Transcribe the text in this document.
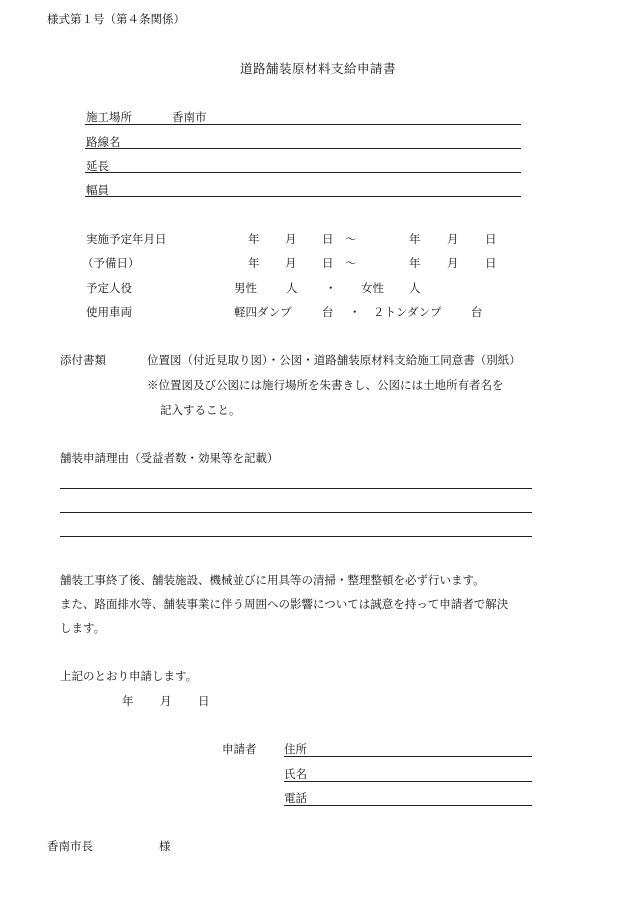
様式第１号（第４条関係）
道路舗装原材料支給申請書
施工場所	香南市
路線名
延長
幅員
実施予定年月日	年 月 日 ～	年 月 日
（予備日）	年 月 日 ～	年 月 日
予定人役	男性	人 ・ 女性 人
使用車両	軽四ダンプ	台 ・ ２トンダンプ	台
添付書類	位置図（付近見取り図）・公図・道路舗装原材料支給施工同意書（別紙）
※位置図及び公図には施行場所を朱書きし、公図には土地所有者名を
記入すること。
舗装申請理由（受益者数・効果等を記載）
舗装工事終了後、舗装施設、機械並びに用具等の清掃・整理整頓を必ず行います。
また、路面排水等、舗装事業に伴う周囲への影響については誠意を持って申請者で解決
します。
上記のとおり申請します。
年 月 日
申請者 住所
氏名
電話
香南市長	様
